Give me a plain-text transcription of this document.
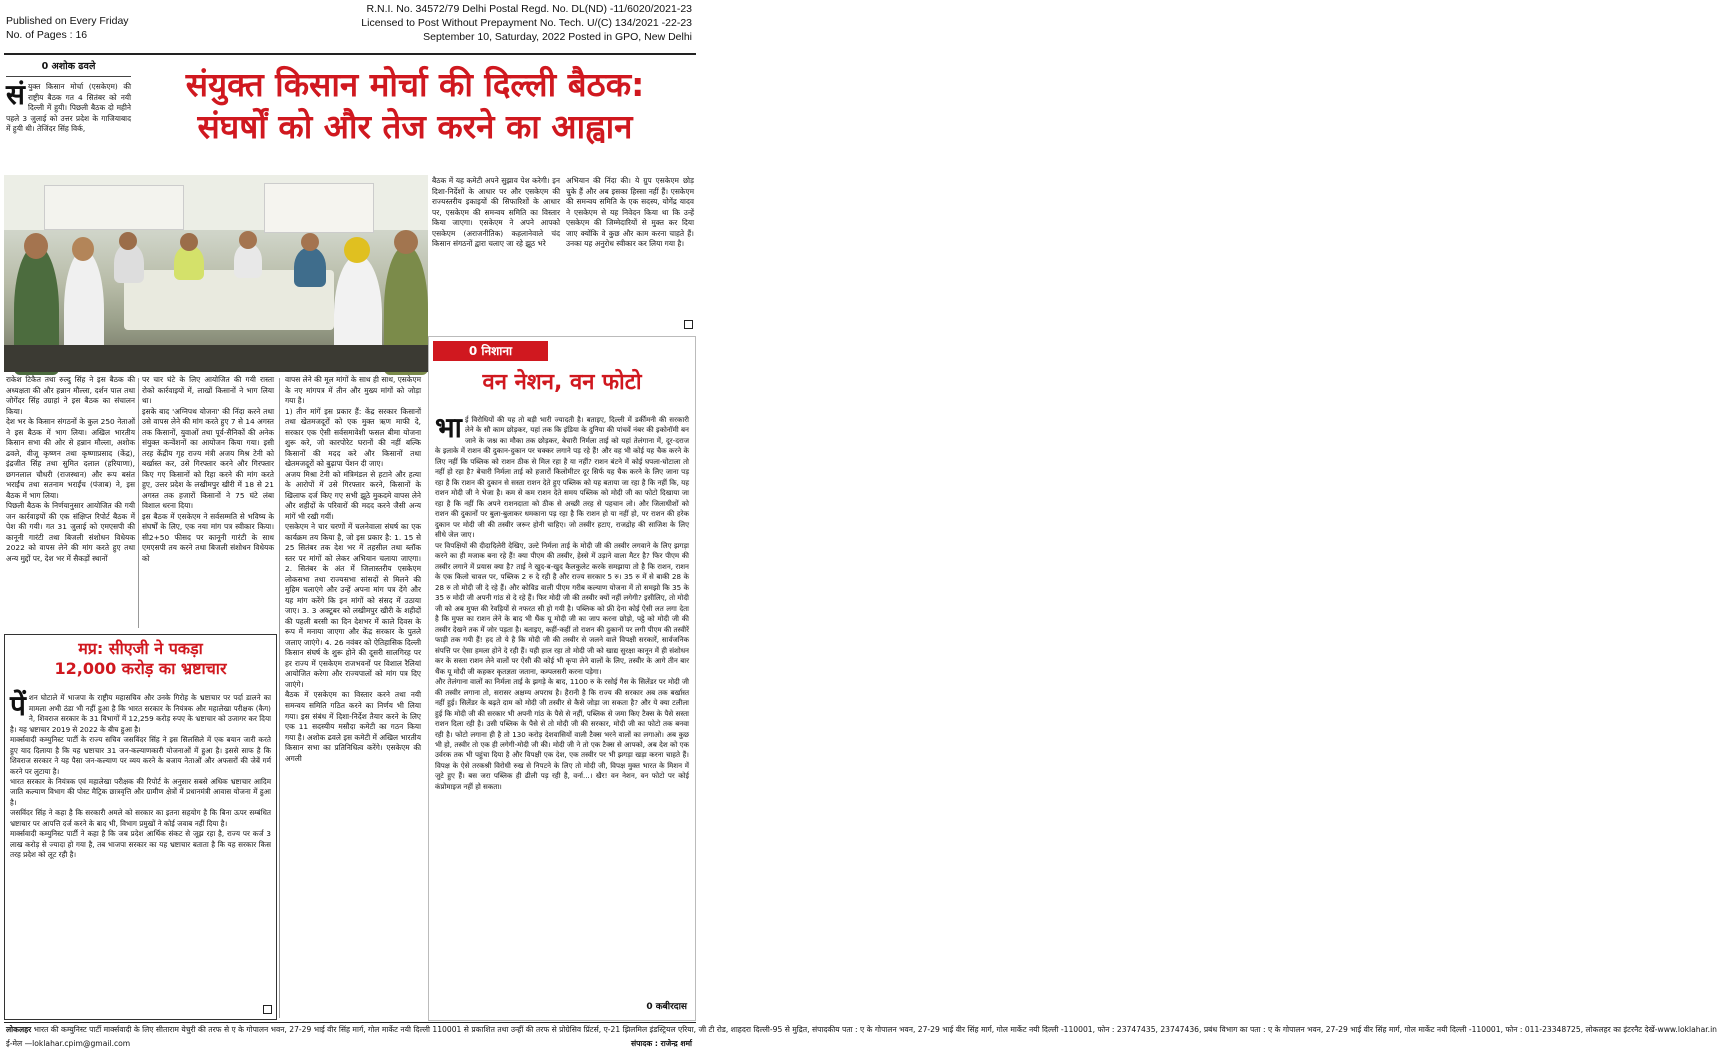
Published on Every Friday
No. of Pages : 16
R.N.I. No. 34572/79 Delhi Postal Regd. No. DL(ND) -11/6020/2021-23
Licensed to Post Without Prepayment No. Tech. U/(C) 134/2021 -22-23
September 10, Saturday, 2022 Posted in GPO, New Delhi
0 अशोक ढवले
सं युक्त किसान मोर्चा (एसकेएम) की राष्ट्रीय बैठक गत 4 सितंबर को नयी दिल्ली में हुयी। पिछली बैठक दो महीने पहले 3 जुलाई को उत्तर प्रदेश के गाजियाबाद में हुयी थी। तेजिंदर सिंह विर्क,
संयुक्त किसान मोर्चा की दिल्ली बैठक:
संघर्षों को और तेज करने का आह्वान
बैठक में यह कमेटी अपने सुझाव पेश करेगी। इन दिशा-निर्देशों के आधार पर और एसकेएम की राज्यस्तरीय इकाइयों की सिफारिशों के आधार पर, एसकेएम की समन्वय समिति का विस्तार किया जाएगा। एसकेएम ने अपने आपको एसकेएम (अराजनीतिक) कहलानेवाले चंद किसान संगठनों द्वारा चलाए जा रहे झूठ भरे
अभियान की निंदा की। ये ग्रुप एसकेएम छोड़ चुके हैं और अब इसका हिस्सा नहीं हैं। एसकेएम की समन्वय समिति के एक सदस्य, योगेंद्र यादव ने एसकेएम से यह निवेदन किया था कि उन्हें एसकेएम की जिम्मेदारियों से मुक्त कर दिया जाए क्योंकि वे कुछ और काम करना चाहते हैं। उनका यह अनुरोध स्वीकार कर लिया गया है।
राकेश टिकैत तथा रुल्दु सिंह ने इस बैठक की अध्यक्षता की और हन्नान मौल्ला, दर्शन पाल तथा जोगेंदर सिंह उग्राहां ने इस बैठक का संचालन किया।
देश भर के किसान संगठनों के कुल 250 नेताओं ने इस बैठक में भाग लिया। अखिल भारतीय किसान सभा की ओर से हन्नान मौल्ला, अशोक ढवले, वीजू कृष्णन तथा कृष्णाप्रसाद (केंद्र), इंद्रजीत सिंह तथा सुमित दलाल (हरियाणा), छगनलाल चौधरी (राजस्थान) और रूप बसंत भराईंच तथा सतनाम भराईंच (पंजाब) ने, इस बैठक में भाग लिया।
पिछली बैठक के निर्णयानुसार आयोजित की गयी जन कार्रवाइयों की एक संक्षिप्त रिपोर्ट बैठक में पेश की गयी। गत 31 जुलाई को एमएसपी की कानूनी गारंटी तथा बिजली संशोधन विधेयक 2022 को वापस लेने की मांग करते हुए तथा अन्य मुद्दों पर, देश भर में सैकड़ों स्थानों
पर चार घंटे के लिए आयोजित की गयी रास्ता रोको कार्रवाइयों में, लाखों किसानों ने भाग लिया था।
इसके बाद 'अग्निपथ योजना' की निंदा करने तथा उसे वापस लेने की मांग करते हुए 7 से 14 अगस्त तक किसानों, युवाओं तथा पूर्व-सैनिकों की अनेक संयुक्त कन्वेंशनों का आयोजन किया गया। इसी तरह केंद्रीय गृह राज्य मंत्री अजय मिश्र टेनी को बर्खास्त कर, उसे गिरफ्तार करने और गिरफ्तार किए गए किसानों को रिहा करने की मांग करते हुए, उत्तर प्रदेश के लखीमपुर खीरी में 18 से 21 अगस्त तक हजारों किसानों ने 75 घंटे लंबा विशाल धरना दिया।
इस बैठक में एसकेएम ने सर्वसम्मति से भविष्य के संघर्षों के लिए, एक नया मांग पत्र स्वीकार किया। सी2+50 फीसद पर कानूनी गारंटी के साथ एमएसपी तय करने तथा बिजली संशोधन विधेयक को
वापस लेने की मूल मांगों के साथ ही साथ, एसकेएम के नए मांगपत्र में तीन और मुख्य मांगों को जोड़ा गया है।
1) तीन मांगें इस प्रकार हैं: केंद्र सरकार किसानों तथा खेतमजदूरों को एक मुक्त ऋण माफी दे, सरकार एक ऐसी सर्वसमावेशी फसल बीमा योजना शुरू करे, जो कारपोरेट घरानों की नहीं बल्कि किसानों की मदद करे और किसानों तथा खेतमजदूरों को बुढ़ापा पेंशन दी जाए।
अजय मिश्रा टेनी को मंत्रिमंडल से हटाने और हत्या के आरोपों में उसे गिरफ्तार करने, किसानों के खिलाफ दर्ज किए गए सभी झूठे मुकदमे वापस लेने और शहीदों के परिवारों की मदद करने जैसी अन्य मांगें भी रखी गयीं।
एसकेएम ने चार चरणों में चलनेवाला संघर्ष का एक कार्यक्रम तय किया है, जो इस प्रकार है: 1. 15 से 25 सितंबर तक देश भर में तहसील तथा ब्लॉक स्तर पर मांगों को लेकर अभियान चलाया जाएगा। 2. सितंबर के अंत में जिलास्तरीय एसकेएम लोकसभा तथा राज्यसभा सांसदों से मिलने की मुहिम चलाएंगे और उन्हें अपना मांग पत्र देंगे और यह मांग करेंगे कि इन मांगों को संसद में उठाया जाए। 3. 3 अक्टूबर को लखीमपुर खीरी के शहीदों की पहली बरसी का दिन देशभर में काले दिवस के रूप में मनाया जाएगा और केंद्र सरकार के पुतले जलाए जाएंगे। 4. 26 नवंबर को ऐतिहासिक दिल्ली किसान संघर्ष के शुरू होने की दूसरी सालगिरह पर हर राज्य में एसकेएम राजभवनों पर विशाल रैलियां आयोजित करेगा और राज्यपालों को मांग पत्र दिए जाएंगे।
बैठक में एसकेएम का विस्तार करने तथा नयी समन्वय समिति गठित करने का निर्णय भी लिया गया। इस संबंध में दिशा-निर्देश तैयार करने के लिए एक 11 सदस्यीय मसौदा कमेटी का गठन किया गया है। अशोक ढवले इस कमेटी में अखिल भारतीय किसान सभा का प्रतिनिधित्व करेंगे। एसकेएम की अगली
मप्र: सीएजी ने पकड़ा
12,000 करोड़ का भ्रष्टाचार

पेंशन घोटाले में भाजपा के राष्ट्रीय महासचिव और उनके गिरोह के भ्रष्टाचार पर पर्दा डालने का मामला अभी ठंडा भी नहीं हुआ है कि भारत सरकार के नियंत्रक और महालेखा परीक्षक (कैग) ने, शिवराज सरकार के 31 विभागों में 12,259 करोड़ रुपए के भ्रष्टाचार को उजागर कर दिया है। यह भ्रष्टाचार 2019 से 2022 के बीच हुआ है।
मार्क्सवादी कम्युनिस्ट पार्टी के राज्य सचिव जसविंदर सिंह ने इस सिलसिले में एक बयान जारी करते हुए याद दिलाया है कि यह भ्रष्टाचार 31 जन-कल्याणकारी योजनाओं में हुआ है। इससे साफ है कि शिवराज सरकार ने यह पैसा जन-कल्याण पर व्यय करने के बजाय नेताओं और अफसरों की जेबें गर्म करने पर लुटाया है।
भारत सरकार के नियंत्रक एवं महालेखा परीक्षक की रिपोर्ट के अनुसार सबसे अधिक भ्रष्टाचार आदिम जाति कल्याण विभाग की पोस्ट मैट्रिक छात्रवृत्ति और ग्रामीण क्षेत्रों में प्रधानमंत्री आवास योजना में हुआ है।
जसविंदर सिंह ने कहा है कि सरकारी अमले को सरकार का इतना सहयोग है कि बिना ऊपर सम्बंधित भ्रष्टाचार पर आपत्ति दर्ज करने के बाद भी, विभाग प्रमुखों ने कोई जवाब नहीं दिया है।
मार्क्सवादी कम्युनिस्ट पार्टी ने कहा है कि जब प्रदेश आर्थिक संकट से जूझ रहा है, राज्य पर कर्ज 3 लाख करोड़ से ज्यादा हो गया है, तब भाजपा सरकार का यह भ्रष्टाचार बताता है कि यह सरकार किस तरह प्रदेश को लूट रही है।

0 निशाना
वन नेशन, वन फोटो

भाई विरोधियों की यह तो बड़ी भारी ज्यादती है। बताइए, दिल्ली में डर्कीमनी की सरकारी लेने के सौ काम छोड़कर, यहां तक कि इंडिया के दुनिया की पांचवें नंबर की इकोनॉमी बन जाने के जश्न का मौका तक छोड़कर, बेचारी निर्मला ताई को यहां तेलंगाना में, दूर-दराज के इलाके में राशन की दुकान-दुकान पर चक्कर लगाने पड़ रहे हैं! और वह भी कोई यह चैक करने के लिए नहीं कि पब्लिक को राशन ठीक से मिल रहा है या नहीं? राशन बंटने में कोई घपला-घोटाला तो नहीं हो रहा है? बेचारी निर्मला ताई को हजारों किलोमीटर दूर सिर्फ यह चैक करने के लिए जाना पड़ रहा है कि राशन की दुकान से सस्ता राशन देते हुए पब्लिक को यह बताया जा रहा है कि नहीं कि, यह राशन मोदी जी ने भेजा है। कम से कम राशन देते समय पब्लिक को मोदी जी का फोटो दिखाया जा रहा है कि नहीं कि अपने राशनदाता को ठीक से अच्छी तरह से पहचान लो। और जिलाधीशों को राशन की दुकानों पर बुला-बुलाकर धमकाना पड़ रहा है कि राशन हो या नहीं हो, पर राशन की हरेक दुकान पर मोदी जी की तस्वीर जरूर होनी चाहिए। जो तस्वीर हटाए, राजद्रोह की साजिश के लिए सीधे जेल जाए।
पर विपक्षियों की दीदादिलेरी देखिए, उल्टे निर्मला ताई के मोदी जी की तस्वीर लगवाने के लिए झगड़ा करने का ही मजाक बना रहे हैं! क्या पीएम की तस्वीर, हेस्से में उड़ाने वाला मैटर है? फिर पीएम की तस्वीर लगाने में प्रयास क्या है? ताई ने खुद-ब-खुद कैलकुलेट करके समझाया तो है कि राशन, राशन के एक किलो चावल पर, पब्लिक 2 रु दे रही है और राज्य सरकार 5 रु। 35 रु में से बाकी 28 के 28 रु तो मोदी जी दे रहे हैं। और कोविड वाली पीएम गरीब कल्याण योजना में तो समझो कि 35 के 35 रु मोदी जी अपनी गांठ से दे रहे हैं। फिर मोदी जी की तस्वीर क्यों नहीं लगेगी? इसीलिए, तो मोदी जी को अब मुफ्त की रेवड़ियों से नफरत सी हो गयी है। पब्लिक को फ्री देना कोई ऐसी लत लगा देता है कि मुफ्त का राशन लेने के बाद भी थैंक यू मोदी जी का जाप करना छोड़ो, पट्ठे को मोदी जी की तस्वीर देखने तक में जोर पड़ता है। बताइए, कहीं-कहीं तो राशन की दुकानों पर लगी पीएम की तस्वीरें फाड़ी तक गयी हैं! हद तो ये है कि मोदी जी की तस्वीर से जलने वाले विपक्षी सरकारें, सार्वजनिक संपत्ति पर ऐसा हमला होने दे रही हैं। यही हाल रहा तो मोदी जी को खाद्य सुरक्षा कानून में ही संशोधन कर के सस्ता राशन लेने वालों पर ऐसी की कोई भी कृपा लेने वालों के लिए, तस्वीर के आगे तीन बार थैंक यू मोदी जी कहकर कृतज्ञता जताना, कम्पलसरी करना पड़ेगा।
और तेलंगाना वालों का निर्मला ताई के झगड़े के बाद, 1100 रु के रसोई गैस के सिलेंडर पर मोदी जी की तस्वीर लगाना तो, सरासर अक्षम्य अपराध है। हैरानी है कि राज्य की सरकार अब तक बर्खास्त नहीं हुई। सिलेंडर के बढ़ते दाम को मोदी जी तस्वीर से कैसे जोड़ा जा सकता है? और ये क्या टलीला हुई कि मोदी जी की सरकार भी अपनी गांठ के पैसे से नहीं, पब्लिक से जमा किए टैक्स के पैसे सस्ता राशन दिला रही है। उसी पब्लिक के पैसे से तो मोदी जी की सरकार, मोदी जी का फोटो तक बनवा रही है। फोटो लगाना ही है तो 130 करोड़ देशवासियों वाली टैक्स भरने वालों का लगाओ। अब कुछ भी हो, तस्वीर तो एक ही लगेगी-मोदी जी की। मोदी जी ने तो एक टैक्स से आपको, अब देश को एक उर्वरक तक भी पहुंचा दिया है और विपक्षी एक देश, एक तस्वीर पर भी झगड़ा खड़ा करना चाहते हैं। विपक्ष के ऐसे तरकश्री विरोधी रुख से निपटने के लिए तो मोदी जी, विपक्ष मुक्त भारत के मिशन में जुटे हुए हैं। बस जरा पब्लिक ही ढीली पड़ रही है, वर्ना...। खैर! वन नेशन, वन फोटो पर कोई कंप्रोमाइज नहीं हो सकता।

0 कबीरदास
लोकलहर भारत की कम्युनिस्ट पार्टी मार्क्सवादी के लिए सीताराम येचुरी की तरफ से ए के गोपालन भवन, 27-29 भाई वीर सिंह मार्ग, गोल मार्केट नयी दिल्ली 110001 से प्रकाशित तथा उन्हीं की तरफ से प्रोग्रेसिव प्रिंटर्स, ए-21 झिलमिल इंडस्ट्रियल एरिया, जी टी रोड, शाहदरा दिल्ली-95 से मुद्रित, संपादकीय पता : ए के गोपालन भवन, 27-29 भाई वीर सिंह मार्ग, गोल मार्केट नयी दिल्ली -110001, फोन : 23747435, 23747436, प्रबंध विभाग का पता : ए के गोपालन भवन, 27-29 भाई वीर सिंह मार्ग, गोल मार्केट नयी दिल्ली -110001, फोन : 011-23348725, लोकलहर का इंटरनैट देखें-www.loklahar.in
ई-मेल —loklahar.cpim@gmail.com	संपादक : राजेन्द्र शर्मा
